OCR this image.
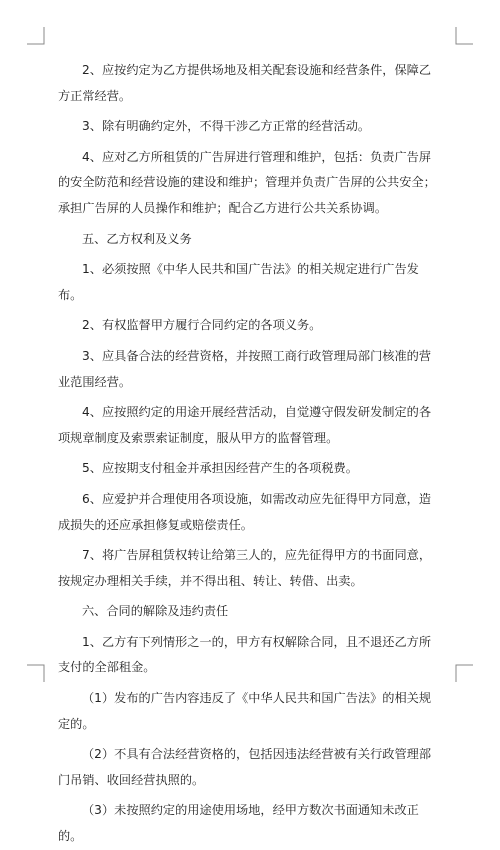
2、应按约定为乙方提供场地及相关配套设施和经营条件，保障乙方正常经营。

3、除有明确约定外，不得干涉乙方正常的经营活动。

4、应对乙方所租赁的广告屏进行管理和维护，包括：负责广告屏的安全防范和经营设施的建设和维护；管理并负责广告屏的公共安全；承担广告屏的人员操作和维护；配合乙方进行公共关系协调。

五、乙方权利及义务

1、必须按照《中华人民共和国广告法》的相关规定进行广告发布。

2、有权监督甲方履行合同约定的各项义务。

3、应具备合法的经营资格，并按照工商行政管理局部门核准的营业范围经营。

4、应按照约定的用途开展经营活动，自觉遵守假发研发制定的各项规章制度及索票索证制度，服从甲方的监督管理。

5、应按期支付租金并承担因经营产生的各项税费。

6、应爱护并合理使用各项设施，如需改动应先征得甲方同意，造成损失的还应承担修复或赔偿责任。

7、将广告屏租赁权转让给第三人的，应先征得甲方的书面同意，按规定办理相关手续，并不得出租、转让、转借、出卖。

六、合同的解除及违约责任

1、乙方有下列情形之一的，甲方有权解除合同，且不退还乙方所支付的全部租金。

（1）发布的广告内容违反了《中华人民共和国广告法》的相关规定的。

（2）不具有合法经营资格的，包括因违法经营被有关行政管理部门吊销、收回经营执照的。

（3）未按照约定的用途使用场地，经甲方数次书面通知未改正的。
